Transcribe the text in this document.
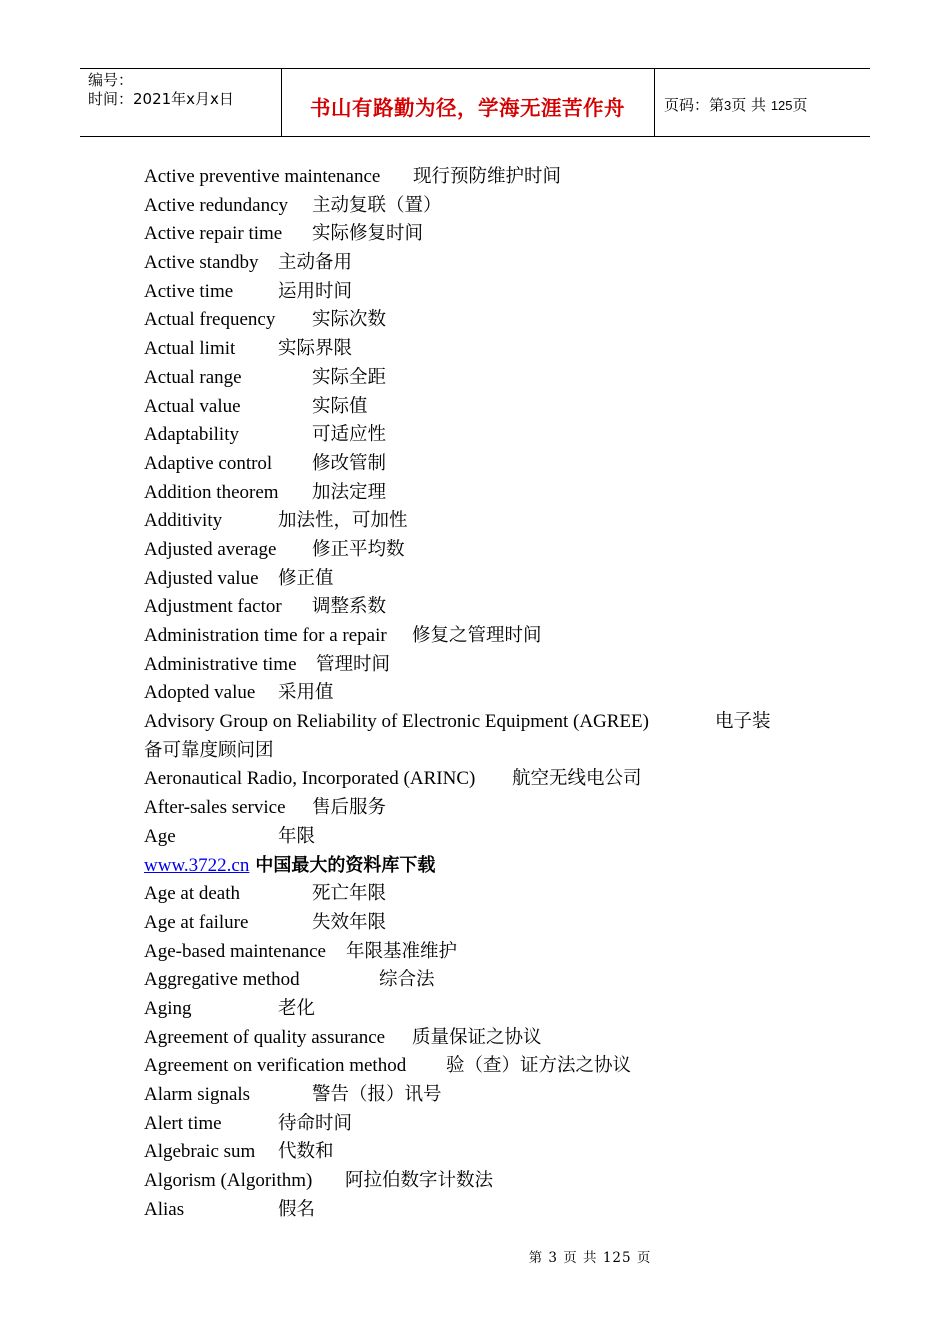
编号：
时间：2021年x月x日	书山有路勤为径，学海无涯苦作舟	页码：第3页 共 125页
Active preventive maintenance 现行预防维护时间
Active redundancy 主动复联（置）
Active repair time 实际修复时间
Active standby 主动备用
Active time 运用时间
Actual frequency 实际次数
Actual limit 实际界限
Actual range	实际全距
Actual value	实际值
Adaptability	可适应性
Adaptive control 修改管制
Addition theorem 加法定理
Additivity	加法性，可加性
Adjusted average 修正平均数
Adjusted value 修正值
Adjustment factor 调整系数
Administration time for a repair 修复之管理时间
Administrative time 管理时间
Adopted value 采用值
Advisory Group on Reliability of Electronic Equipment (AGREE)	电子装
备可靠度顾问团
Aeronautical Radio, Incorporated (ARINC) 航空无线电公司
After-sales service 售后服务
Age	年限
www.3722.cn 中国最大的资料库下载
Age at death	死亡年限
Age at failure	失效年限
Age-based maintenance 年限基准维护
Aggregative method	综合法
Aging	老化
Agreement of quality assurance 质量保证之协议
Agreement on verification method 验（查）证方法之协议
Alarm signals	警告（报）讯号
Alert time	待命时间
Algebraic sum 代数和
Algorism (Algorithm) 阿拉伯数字计数法
Alias	假名
第 3 页 共 125 页
